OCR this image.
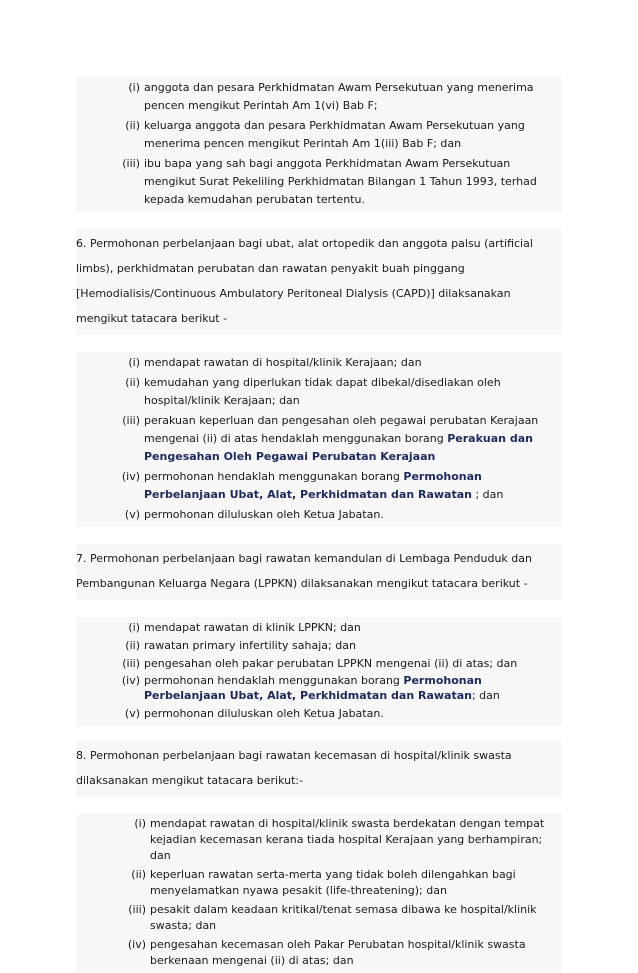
(i) anggota dan pesara Perkhidmatan Awam Persekutuan yang menerima pencen mengikut Perintah Am 1(vi) Bab F;
(ii) keluarga anggota dan pesara Perkhidmatan Awam Persekutuan yang menerima pencen mengikut Perintah Am 1(iii) Bab F; dan
(iii) ibu bapa yang sah bagi anggota Perkhidmatan Awam Persekutuan mengikut Surat Pekeliling Perkhidmatan Bilangan 1 Tahun 1993, terhad kepada kemudahan perubatan tertentu.
6. Permohonan perbelanjaan bagi ubat, alat ortopedik dan anggota palsu (artificial limbs), perkhidmatan perubatan dan rawatan penyakit buah pinggang [Hemodialisis/Continuous Ambulatory Peritoneal Dialysis (CAPD)] dilaksanakan mengikut tatacara berikut -
(i) mendapat rawatan di hospital/klinik Kerajaan; dan
(ii) kemudahan yang diperlukan tidak dapat dibekal/disediakan oleh hospital/klinik Kerajaan; dan
(iii) perakuan keperluan dan pengesahan oleh pegawai perubatan Kerajaan mengenai (ii) di atas hendaklah menggunakan borang Perakuan dan Pengesahan Oleh Pegawai Perubatan Kerajaan
(iv) permohonan hendaklah menggunakan borang Permohonan Perbelanjaan Ubat, Alat, Perkhidmatan dan Rawatan ; dan
(v) permohonan diluluskan oleh Ketua Jabatan.
7. Permohonan perbelanjaan bagi rawatan kemandulan di Lembaga Penduduk dan Pembangunan Keluarga Negara (LPPKN) dilaksanakan mengikut tatacara berikut -
(i) mendapat rawatan di klinik LPPKN; dan
(ii) rawatan primary infertility sahaja; dan
(iii) pengesahan oleh pakar perubatan LPPKN mengenai (ii) di atas; dan
(iv) permohonan hendaklah menggunakan borang Permohonan Perbelanjaan Ubat, Alat, Perkhidmatan dan Rawatan; dan
(v) permohonan diluluskan oleh Ketua Jabatan.
8. Permohonan perbelanjaan bagi rawatan kecemasan di hospital/klinik swasta dilaksanakan mengikut tatacara berikut:-
(i) mendapat rawatan di hospital/klinik swasta berdekatan dengan tempat kejadian kecemasan kerana tiada hospital Kerajaan yang berhampiran; dan
(ii) keperluan rawatan serta-merta yang tidak boleh dilengahkan bagi menyelamatkan nyawa pesakit (life-threatening); dan
(iii) pesakit dalam keadaan kritikal/tenat semasa dibawa ke hospital/klinik swasta; dan
(iv) pengesahan kecemasan oleh Pakar Perubatan hospital/klinik swasta berkenaan mengenai (ii) di atas; dan
